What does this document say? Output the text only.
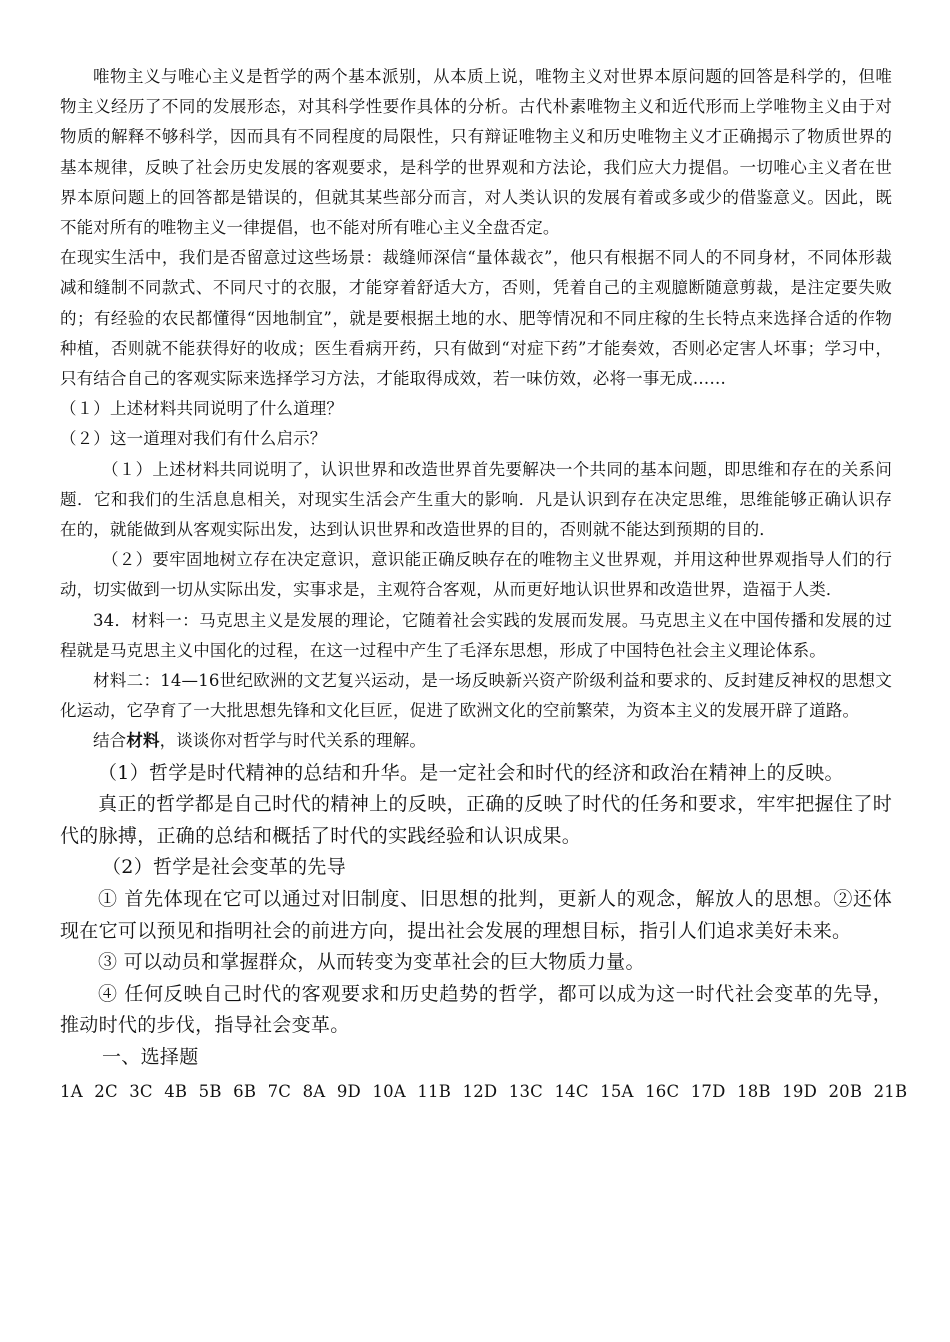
唯物主义与唯心主义是哲学的两个基本派别，从本质上说，唯物主义对世界本原问题的回答是科学的，但唯物主义经历了不同的发展形态，对其科学性要作具体的分析。古代朴素唯物主义和近代形而上学唯物主义由于对物质的解释不够科学，因而具有不同程度的局限性，只有辩证唯物主义和历史唯物主义才正确揭示了物质世界的基本规律，反映了社会历史发展的客观要求，是科学的世界观和方法论，我们应大力提倡。一切唯心主义者在世界本原问题上的回答都是错误的，但就其某些部分而言，对人类认识的发展有着或多或少的借鉴意义。因此，既不能对所有的唯物主义一律提倡，也不能对所有唯心主义全盘否定。

在现实生活中，我们是否留意过这些场景：裁缝师深信“量体裁衣”，他只有根据不同人的不同身材，不同体形裁减和缝制不同款式、不同尺寸的衣服，才能穿着舒适大方，否则，凭着自己的主观臆断随意剪裁，是注定要失败的；有经验的农民都懂得“因地制宜”，就是要根据土地的水、肥等情况和不同庄稼的生长特点来选择合适的作物种植，否则就不能获得好的收成；医生看病开药，只有做到“对症下药”才能奏效，否则必定害人坏事；学习中，只有结合自己的客观实际来选择学习方法，才能取得成效，若一味仿效，必将一事无成……

（１）上述材料共同说明了什么道理？

（２）这一道理对我们有什么启示？

（１）上述材料共同说明了，认识世界和改造世界首先要解决一个共同的基本问题，即思维和存在的关系问题．它和我们的生活息息相关，对现实生活会产生重大的影响．凡是认识到存在决定思维，思维能够正确认识存在的，就能做到从客观实际出发，达到认识世界和改造世界的目的，否则就不能达到预期的目的．

（２）要牢固地树立存在决定意识，意识能正确反映存在的唯物主义世界观，并用这种世界观指导人们的行动，切实做到一切从实际出发，实事求是，主观符合客观，从而更好地认识世界和改造世界，造福于人类．

34．材料一：马克思主义是发展的理论，它随着社会实践的发展而发展。马克思主义在中国传播和发展的过程就是马克思主义中国化的过程，在这一过程中产生了毛泽东思想，形成了中国特色社会主义理论体系。

材料二：14—16世纪欧洲的文艺复兴运动，是一场反映新兴资产阶级利益和要求的、反封建反神权的思想文化运动，它孕育了一大批思想先锋和文化巨匠，促进了欧洲文化的空前繁荣，为资本主义的发展开辟了道路。

结合材料，谈谈你对哲学与时代关系的理解。

（1）哲学是时代精神的总结和升华。是一定社会和时代的经济和政治在精神上的反映。

真正的哲学都是自己时代的精神上的反映，正确的反映了时代的任务和要求，牢牢把握住了时代的脉搏，正确的总结和概括了时代的实践经验和认识成果。

（2）哲学是社会变革的先导

① 首先体现在它可以通过对旧制度、旧思想的批判，更新人的观念，解放人的思想。②还体现在它可以预见和指明社会的前进方向，提出社会发展的理想目标，指引人们追求美好未来。

③ 可以动员和掌握群众，从而转变为变革社会的巨大物质力量。

④ 任何反映自己时代的客观要求和历史趋势的哲学，都可以成为这一时代社会变革的先导，推动时代的步伐，指导社会变革。

一、选择题

1A 2C 3C 4B 5B 6B 7C 8A 9D 10A 11B 12D 13C 14C 15A 16C 17D 18B 19D 20B 21B
